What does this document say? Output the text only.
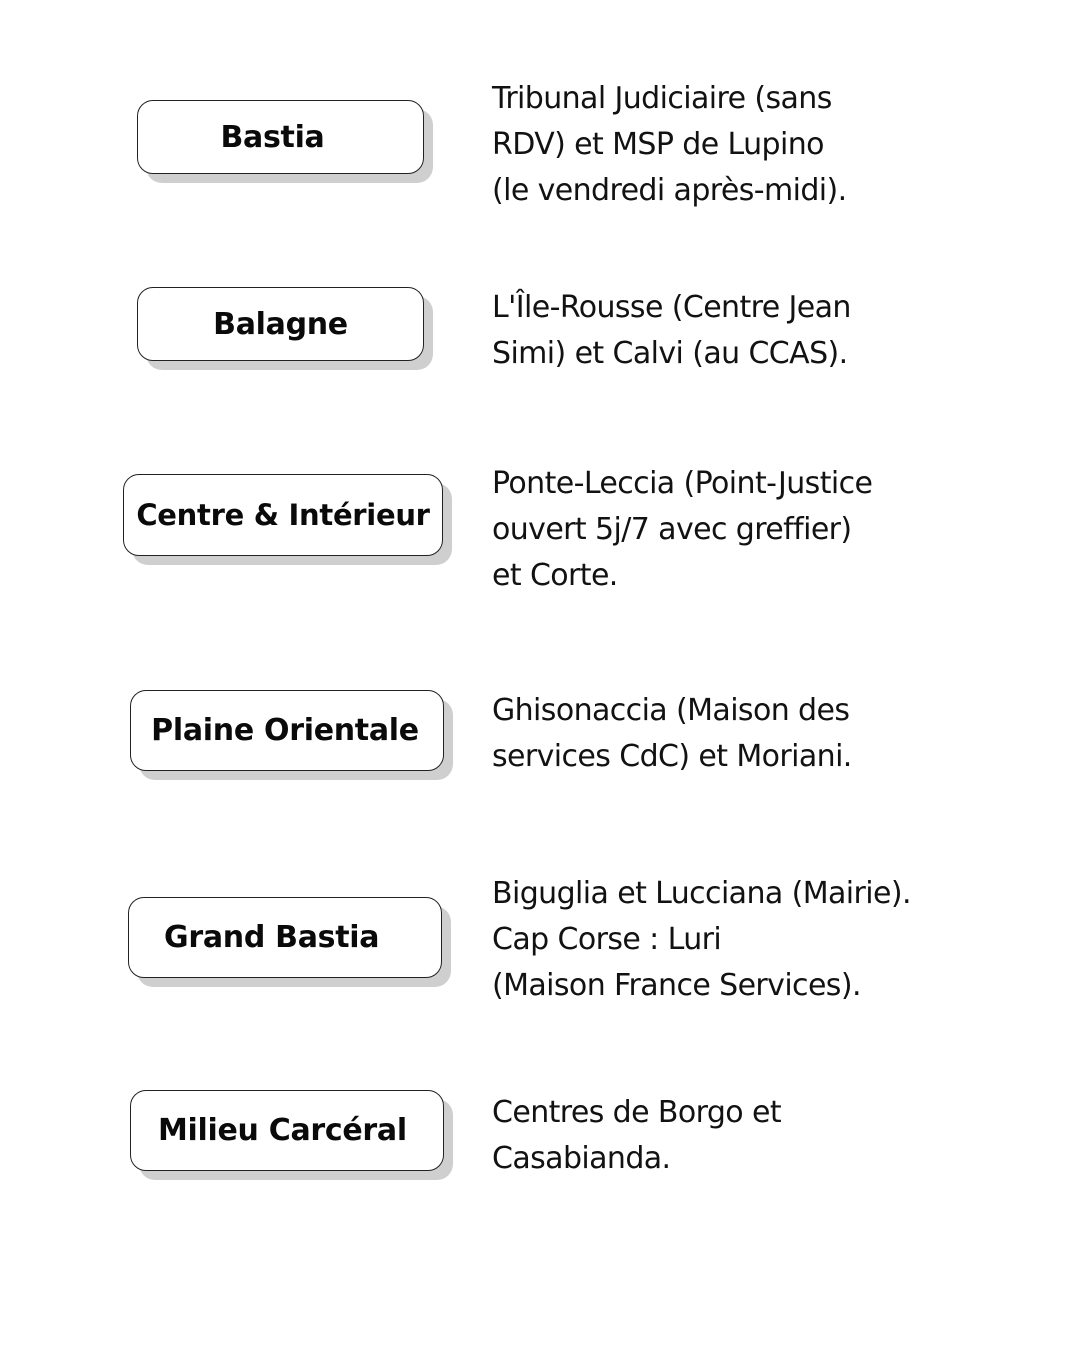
Bastia
Tribunal Judiciaire (sans
RDV) et MSP de Lupino
(le vendredi après-midi).
Balagne	L'Île-Rousse (Centre Jean
Simi) et Calvi (au CCAS).
Centre & Intérieur
Ponte-Leccia (Point-Justice
ouvert 5j/7 avec greffier)
et Corte.
Plaine Orientale
Ghisonaccia (Maison des
services CdC) et Moriani.
Grand Bastia
Biguglia et Lucciana (Mairie).
Cap Corse : Luri
(Maison France Services).
Milieu Carcéral
Centres de Borgo et
Casabianda.
